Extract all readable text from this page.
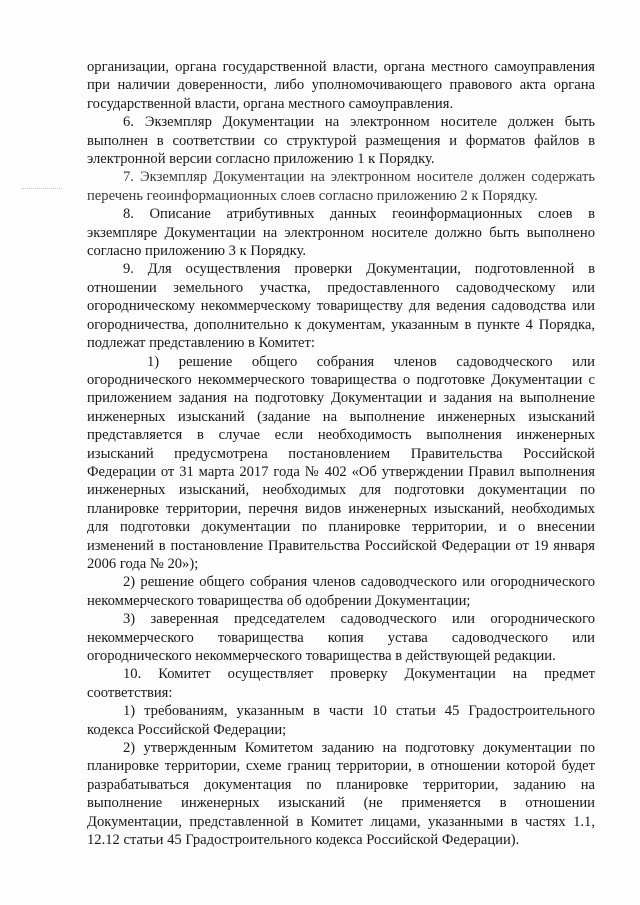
организации, органа государственной власти, органа местного самоуправления при наличии доверенности, либо уполномочивающего правового акта органа государственной власти, органа местного самоуправления.

6. Экземпляр Документации на электронном носителе должен быть выполнен в соответствии со структурой размещения и форматов файлов в электронной версии согласно приложению 1 к Порядку.

7. Экземпляр Документации на электронном носителе должен содержать перечень геоинформационных слоев согласно приложению 2 к Порядку.

8. Описание атрибутивных данных геоинформационных слоев в экземпляре Документации на электронном носителе должно быть выполнено согласно приложению 3 к Порядку.

9. Для осуществления проверки Документации, подготовленной в отношении земельного участка, предоставленного садоводческому или огородническому некоммерческому товариществу для ведения садоводства или огородничества, дополнительно к документам, указанным в пункте 4 Порядка, подлежат представлению в Комитет:

1) решение общего собрания членов садоводческого или огороднического некоммерческого товарищества о подготовке Документации с приложением задания на подготовку Документации и задания на выполнение инженерных изысканий (задание на выполнение инженерных изысканий представляется в случае если необходимость выполнения инженерных изысканий предусмотрена постановлением Правительства Российской Федерации от 31 марта 2017 года № 402 «Об утверждении Правил выполнения инженерных изысканий, необходимых для подготовки документации по планировке территории, перечня видов инженерных изысканий, необходимых для подготовки документации по планировке территории, и о внесении изменений в постановление Правительства Российской Федерации от 19 января 2006 года № 20»);

2) решение общего собрания членов садоводческого или огороднического некоммерческого товарищества об одобрении Документации;

3) заверенная председателем садоводческого или огороднического некоммерческого товарищества копия устава садоводческого или огороднического некоммерческого товарищества в действующей редакции.

10. Комитет осуществляет проверку Документации на предмет соответствия:

1) требованиям, указанным в части 10 статьи 45 Градостроительного кодекса Российской Федерации;

2) утвержденным Комитетом заданию на подготовку документации по планировке территории, схеме границ территории, в отношении которой будет разрабатываться документация по планировке территории, заданию на выполнение инженерных изысканий (не применяется в отношении Документации, представленной в Комитет лицами, указанными в частях 1.1, 12.12 статьи 45 Градостроительного кодекса Российской Федерации).
